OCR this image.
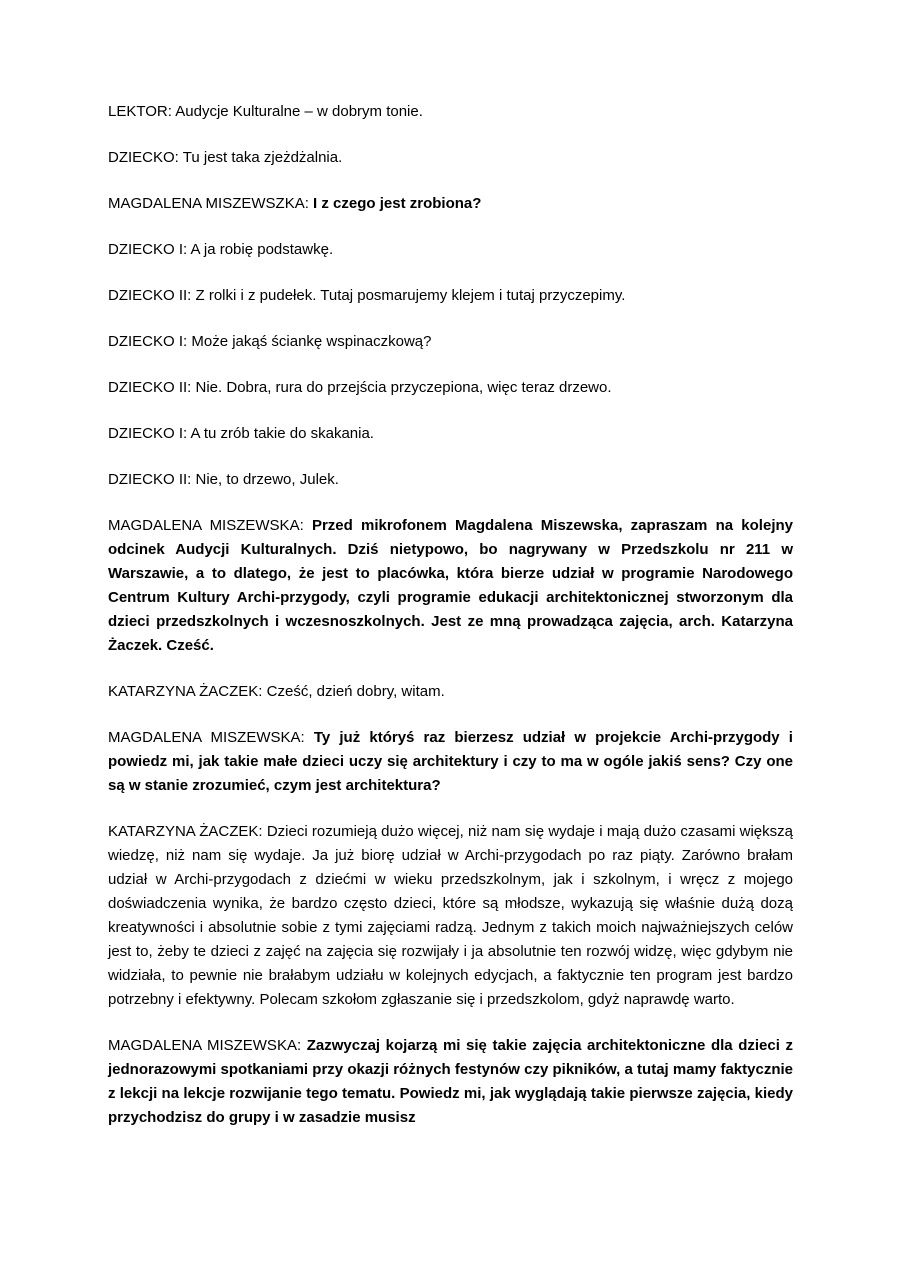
LEKTOR: Audycje Kulturalne – w dobrym tonie.

DZIECKO: Tu jest taka zjeżdżalnia.

MAGDALENA MISZEWSZKA: I z czego jest zrobiona?

DZIECKO I: A ja robię podstawkę.

DZIECKO II: Z rolki i z pudełek. Tutaj posmarujemy klejem i tutaj przyczepimy.

DZIECKO I: Może jakąś ściankę wspinaczkową?

DZIECKO II: Nie. Dobra, rura do przejścia przyczepiona, więc teraz drzewo.

DZIECKO I: A tu zrób takie do skakania.

DZIECKO II: Nie, to drzewo, Julek.

MAGDALENA MISZEWSKA: Przed mikrofonem Magdalena Miszewska, zapraszam na kolejny odcinek Audycji Kulturalnych. Dziś nietypowo, bo nagrywany w Przedszkolu nr 211 w Warszawie, a to dlatego, że jest to placówka, która bierze udział w programie Narodowego Centrum Kultury Archi-przygody, czyli programie edukacji architektonicznej stworzonym dla dzieci przedszkolnych i wczesnoszkolnych. Jest ze mną prowadząca zajęcia, arch. Katarzyna Żaczek. Cześć.

KATARZYNA ŻACZEK: Cześć, dzień dobry, witam.

MAGDALENA MISZEWSKA: Ty już któryś raz bierzesz udział w projekcie Archi-przygody i powiedz mi, jak takie małe dzieci uczy się architektury i czy to ma w ogóle jakiś sens? Czy one są w stanie zrozumieć, czym jest architektura?

KATARZYNA ŻACZEK: Dzieci rozumieją dużo więcej, niż nam się wydaje i mają dużo czasami większą wiedzę, niż nam się wydaje. Ja już biorę udział w Archi-przygodach po raz piąty. Zarówno brałam udział w Archi-przygodach z dziećmi w wieku przedszkolnym, jak i szkolnym, i wręcz z mojego doświadczenia wynika, że bardzo często dzieci, które są młodsze, wykazują się właśnie dużą dozą kreatywności i absolutnie sobie z tymi zajęciami radzą. Jednym z takich moich najważniejszych celów jest to, żeby te dzieci z zajęć na zajęcia się rozwijały i ja absolutnie ten rozwój widzę, więc gdybym nie widziała, to pewnie nie brałabym udziału w kolejnych edycjach, a faktycznie ten program jest bardzo potrzebny i efektywny. Polecam szkołom zgłaszanie się i przedszkolom, gdyż naprawdę warto.

MAGDALENA MISZEWSKA: Zazwyczaj kojarzą mi się takie zajęcia architektoniczne dla dzieci z jednorazowymi spotkaniami przy okazji różnych festynów czy pikników, a tutaj mamy faktycznie z lekcji na lekcje rozwijanie tego tematu. Powiedz mi, jak wyglądają takie pierwsze zajęcia, kiedy przychodzisz do grupy i w zasadzie musisz
